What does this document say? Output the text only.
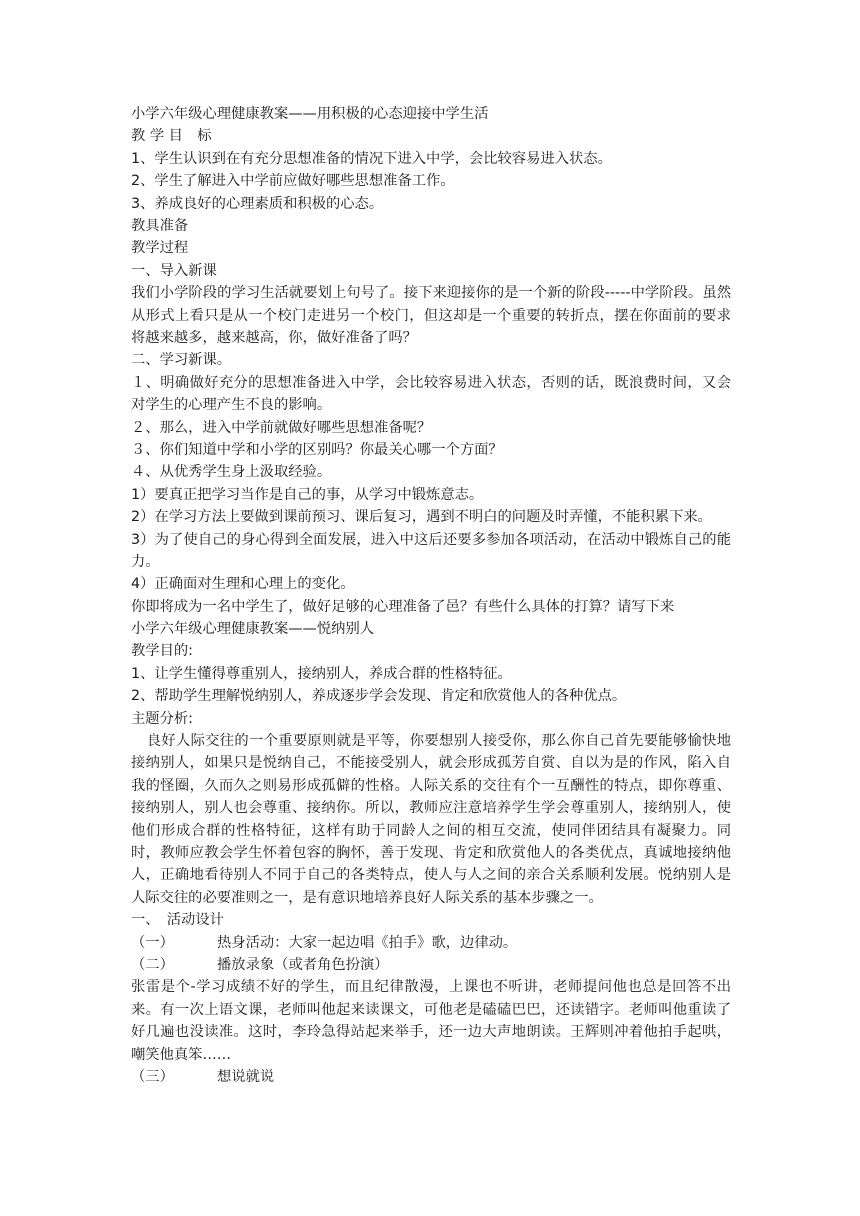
小学六年级心理健康教案——用积极的心态迎接中学生活
教 学 目　标
1、学生认识到在有充分思想准备的情况下进入中学，会比较容易进入状态。
2、学生了解进入中学前应做好哪些思想准备工作。
3、养成良好的心理素质和积极的心态。
教具准备
教学过程
一、导入新课
我们小学阶段的学习生活就要划上句号了。接下来迎接你的是一个新的阶段-----中学阶段。虽然从形式上看只是从一个校门走进另一个校门，但这却是一个重要的转折点，摆在你面前的要求将越来越多，越来越高，你，做好准备了吗？
二、学习新课。
１、明确做好充分的思想准备进入中学，会比较容易进入状态，否则的话，既浪费时间，又会对学生的心理产生不良的影响。
２、那么，进入中学前就做好哪些思想准备呢？
３、你们知道中学和小学的区别吗？你最关心哪一个方面？
４、从优秀学生身上汲取经验。
1）要真正把学习当作是自己的事，从学习中锻炼意志。
2）在学习方法上要做到课前预习、课后复习，遇到不明白的问题及时弄懂，不能积累下来。
3）为了使自己的身心得到全面发展，进入中这后还要多参加各项活动，在活动中锻炼自己的能力。
4）正确面对生理和心理上的变化。
你即将成为一名中学生了，做好足够的心理准备了邑？有些什么具体的打算？请写下来
小学六年级心理健康教案——悦纳别人
教学目的:
1、让学生懂得尊重别人，接纳别人，养成合群的性格特征。
2、帮助学生理解悦纳别人，养成逐步学会发现、肯定和欣赏他人的各种优点。
主题分析:
良好人际交往的一个重要原则就是平等，你要想别人接受你，那么你自己首先要能够愉快地接纳别人，如果只是悦纳自己，不能接受别人，就会形成孤芳自赏、自以为是的作风，陷入自我的怪圈，久而久之则易形成孤僻的性格。人际关系的交往有个一互酬性的特点，即你尊重、接纳别人，别人也会尊重、接纳你。所以，教师应注意培养学生学会尊重别人，接纳别人，使他们形成合群的性格特征，这样有助于同龄人之间的相互交流，使同伴团结具有凝聚力。同时，教师应教会学生怀着包容的胸怀，善于发现、肯定和欣赏他人的各类优点，真诚地接纳他人，正确地看待别人不同于自己的各类特点，使人与人之间的亲合关系顺利发展。悦纳别人是人际交往的必要准则之一，是有意识地培养良好人际关系的基本步骤之一。
一、　活动设计
（一）	热身活动：大家一起边唱《拍手》歌，边律动。
（二）	播放录象（或者角色扮演）
张雷是个-学习成绩不好的学生，而且纪律散漫，上课也不听讲，老师提问他也总是回答不出来。有一次上语文课，老师叫他起来读课文，可他老是磕磕巴巴，还读错字。老师叫他重读了好几遍也没读准。这时，李玲急得站起来举手，还一边大声地朗读。王辉则冲着他拍手起哄，嘲笑他真笨……
（三）	想说就说
